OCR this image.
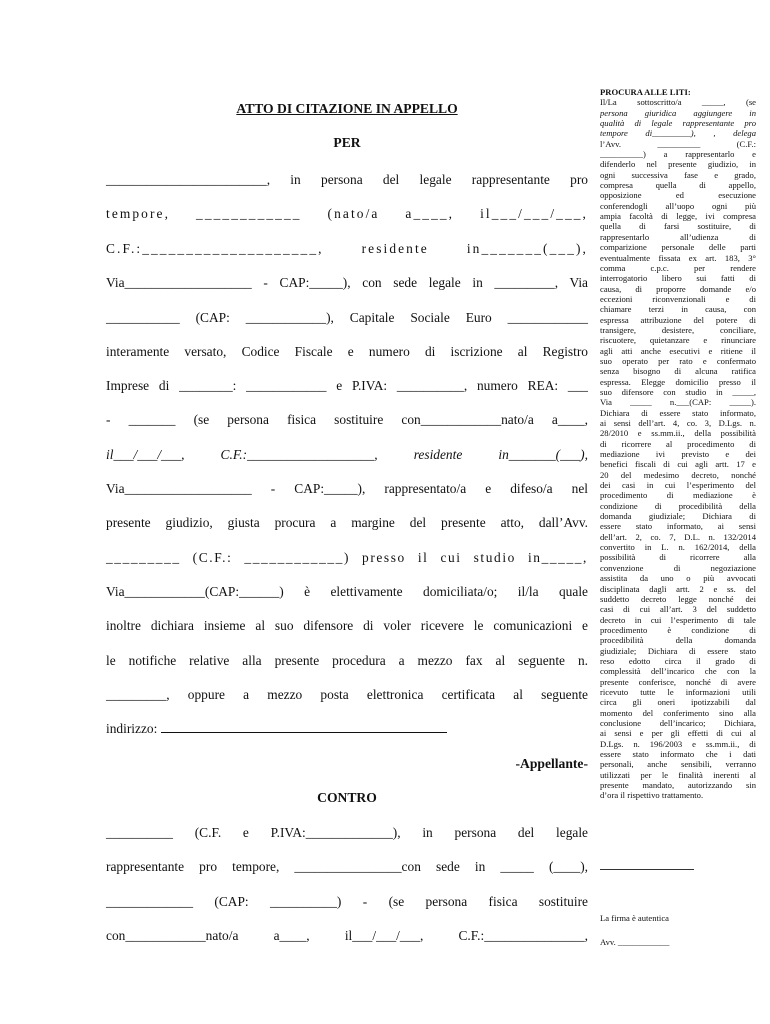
ATTO DI CITAZIONE IN APPELLO
PER
________________________, in persona del legale rappresentante pro
tempore, ____________ (nato/a a____, il___/___/___,
C.F.:____________________, residente in_______(___),
Via___________________ - CAP:_____), con sede legale in _________, Via
___________ (CAP: ____________), Capitale Sociale Euro ____________
interamente versato, Codice Fiscale e numero di iscrizione al Registro
Imprese di ________: ____________ e P.IVA: __________, numero REA: ___
- _______ (se persona fisica sostituire con____________nato/a a____,
il___/___/___, C.F.:___________________, residente in_______(___),
Via___________________ - CAP:_____), rappresentato/a e difeso/a nel
presente giudizio, giusta procura a margine del presente atto, dall’Avv.
_________ (C.F.: ____________) presso il cui studio in_____,
Via____________(CAP:______) è elettivamente domiciliata/o; il/la quale
inoltre dichiara insieme al suo difensore di voler ricevere le comunicazioni e
le notifiche relative alla presente procedura a mezzo fax al seguente n.
_________, oppure a mezzo posta elettronica certificata al seguente
indirizzo:
-Appellante-
CONTRO
__________ (C.F. e P.IVA:_____________), in persona del legale
rappresentante pro tempore, ________________con sede in _____ (____),
_____________ (CAP: __________) - (se persona fisica sostituire
con____________nato/a a____, il___/___/___, C.F.:_______________,
PROCURA ALLE LITI:
Il/La sottoscritto/a _____, (se
persona giuridica aggiungere in
qualità di legale rappresentante pro
tempore di_________), , delega
l’Avv. __________ (C.F.:
__________) a rappresentarlo e
difenderlo nel presente giudizio, in
ogni successiva fase e grado,
compresa quella di appello,
opposizione ed esecuzione
conferendogli all’uopo ogni più
ampia facoltà di legge, ivi compresa
quella di farsi sostituire, di
rappresentarlo all’udienza di
comparizione personale delle parti
eventualmente fissata ex art. 183, 3°
comma c.p.c. per rendere
interrogatorio libero sui fatti di
causa, di proporre domande e/o
eccezioni riconvenzionali e di
chiamare terzi in causa, con
espressa attribuzione del potere di
transigere, desistere, conciliare,
riscuotere, quietanzare e rinunciare
agli atti anche esecutivi e ritiene il
suo operato per rato e confermato
senza bisogno di alcuna ratifica
espressa. Elegge domicilio presso il
suo difensore con studio in _____,
Via _____ n.___(CAP: _____).
Dichiara di essere stato informato,
ai sensi dell’art. 4, co. 3, D.Lgs. n.
28/2010 e ss.mm.ii., della possibilità
di ricorrere al procedimento di
mediazione ivi previsto e dei
benefici fiscali di cui agli artt. 17 e
20 del medesimo decreto, nonché
dei casi in cui l’esperimento del
procedimento di mediazione è
condizione di procedibilità della
domanda giudiziale; Dichiara di
essere stato informato, ai sensi
dell’art. 2, co. 7, D.L. n. 132/2014
convertito in L. n. 162/2014, della
possibilità di ricorrere alla
convenzione di negoziazione
assistita da uno o più avvocati
disciplinata dagli artt. 2 e ss. del
suddetto decreto legge nonché dei
casi di cui all’art. 3 del suddetto
decreto in cui l’esperimento di tale
procedimento è condizione di
procedibilità della domanda
giudiziale; Dichiara di essere stato
reso edotto circa il grado di
complessità dell’incarico che con la
presente conferisce, nonché di avere
ricevuto tutte le informazioni utili
circa gli oneri ipotizzabili dal
momento del conferimento sino alla
conclusione dell’incarico; Dichiara,
ai sensi e per gli effetti di cui al
D.Lgs. n. 196/2003 e ss.mm.ii., di
essere stato informato che i dati
personali, anche sensibili, verranno
utilizzati per le finalità inerenti al
presente mandato, autorizzando sin
d’ora il rispettivo trattamento.
La firma è autentica
Avv. ____________
